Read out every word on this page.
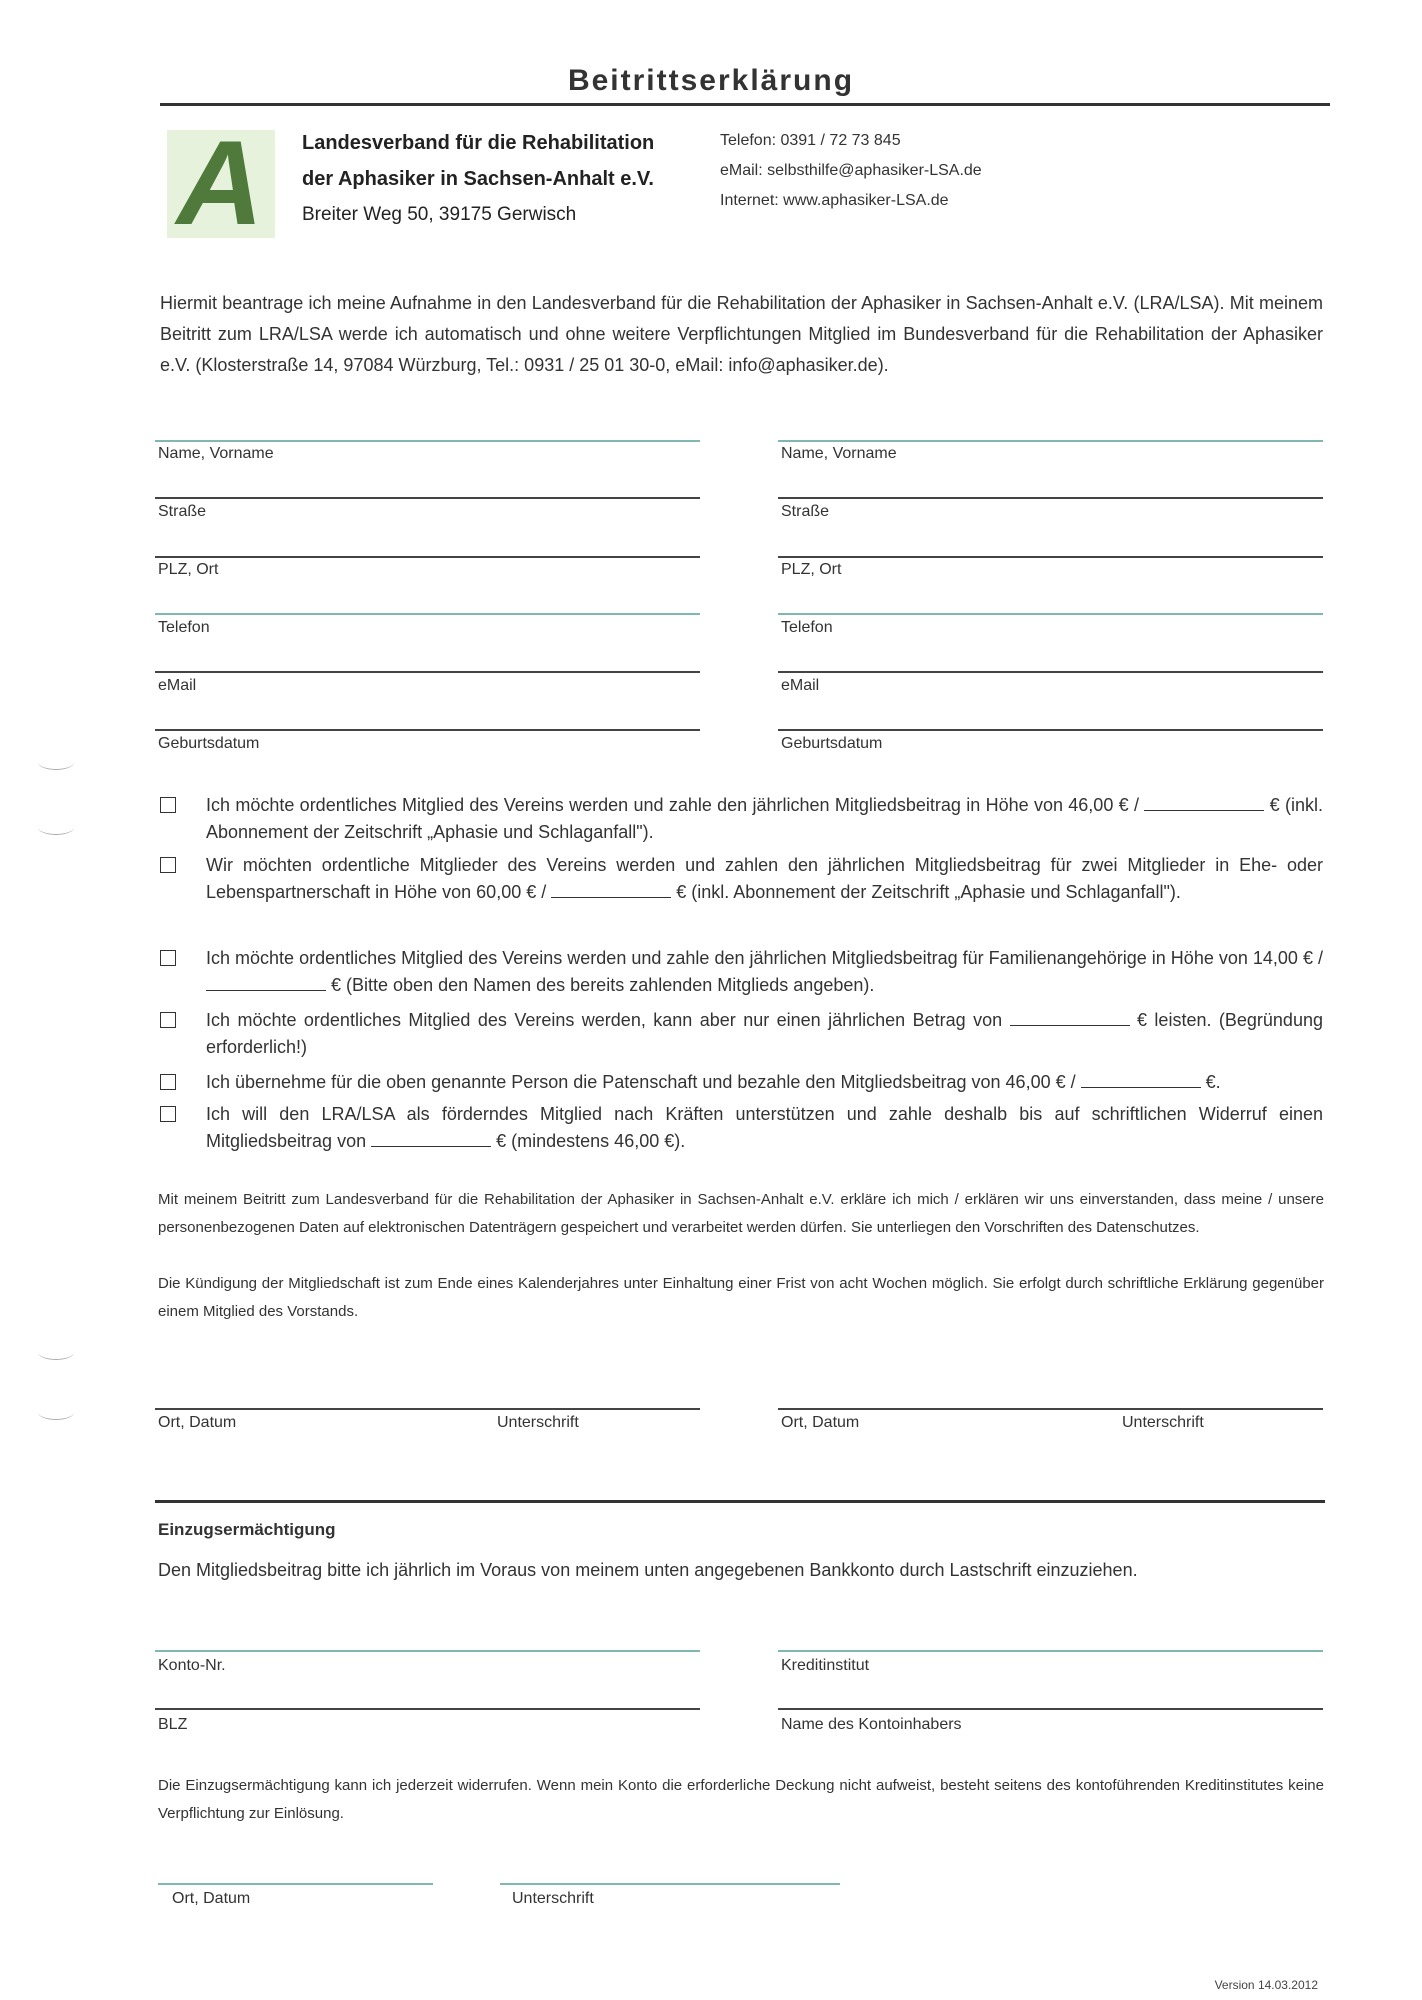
Beitrittserklärung
A	Landesverband für die Rehabilitation
der Aphasiker in Sachsen-Anhalt e.V.
Breiter Weg 50, 39175 Gerwisch
Telefon: 0391 / 72 73 845
eMail: selbsthilfe@aphasiker-LSA.de
Internet: www.aphasiker-LSA.de
Hiermit beantrage ich meine Aufnahme in den Landesverband für die Rehabilitation der Aphasiker in Sachsen-Anhalt e.V. (LRA/LSA). Mit meinem Beitritt zum LRA/LSA werde ich automatisch und ohne weitere Verpflichtungen Mitglied im Bundesverband für die Rehabilitation der Aphasiker e.V. (Klosterstraße 14, 97084 Würzburg, Tel.: 0931 / 25 01 30-0, eMail: info@aphasiker.de).
Name, Vorname
Straße
PLZ, Ort
Telefon
eMail
Geburtsdatum
Name, Vorname
Straße
PLZ, Ort
Telefon
eMail
Geburtsdatum
Ich möchte ordentliches Mitglied des Vereins werden und zahle den jährlichen Mitgliedsbeitrag in Höhe von 46,00 € /	€ (inkl. Abonnement der Zeitschrift „Aphasie und Schlaganfall").
Wir möchten ordentliche Mitglieder des Vereins werden und zahlen den jährlichen Mitgliedsbeitrag für zwei Mitglieder in Ehe- oder Lebenspartnerschaft in Höhe von 60,00 € /	€ (inkl. Abonnement der Zeitschrift „Aphasie und Schlaganfall").
Ich möchte ordentliches Mitglied des Vereins werden und zahle den jährlichen Mitgliedsbeitrag für Familienangehörige in Höhe von 14,00 € /  € (Bitte oben den Namen des bereits zahlenden Mitglieds angeben).
Ich möchte ordentliches Mitglied des Vereins werden, kann aber nur einen jährlichen Betrag von	€ leisten. (Begründung erforderlich!)
Ich übernehme für die oben genannte Person die Patenschaft und bezahle den Mitgliedsbeitrag von 46,00 € /	€.
Ich will den LRA/LSA als förderndes Mitglied nach Kräften unterstützen und zahle deshalb bis auf schriftlichen Widerruf einen Mitgliedsbeitrag von	€ (mindestens 46,00 €).
Mit meinem Beitritt zum Landesverband für die Rehabilitation der Aphasiker in Sachsen-Anhalt e.V. erkläre ich mich / erklären wir uns einverstanden, dass meine / unsere personenbezogenen Daten auf elektronischen Datenträgern gespeichert und verarbeitet werden dürfen. Sie unterliegen den Vorschriften des Datenschutzes.
Die Kündigung der Mitgliedschaft ist zum Ende eines Kalenderjahres unter Einhaltung einer Frist von acht Wochen möglich. Sie erfolgt durch schriftliche Erklärung gegenüber einem Mitglied des Vorstands.
Ort, Datum	Unterschrift	Ort, Datum	Unterschrift
Einzugsermächtigung
Den Mitgliedsbeitrag bitte ich jährlich im Voraus von meinem unten angegebenen Bankkonto durch Lastschrift einzuziehen.
Konto-Nr.	Kreditinstitut
BLZ	Name des Kontoinhabers
Die Einzugsermächtigung kann ich jederzeit widerrufen. Wenn mein Konto die erforderliche Deckung nicht aufweist, besteht seitens des kontoführenden Kreditinstitutes keine Verpflichtung zur Einlösung.
Ort, Datum	Unterschrift
Version 14.03.2012
